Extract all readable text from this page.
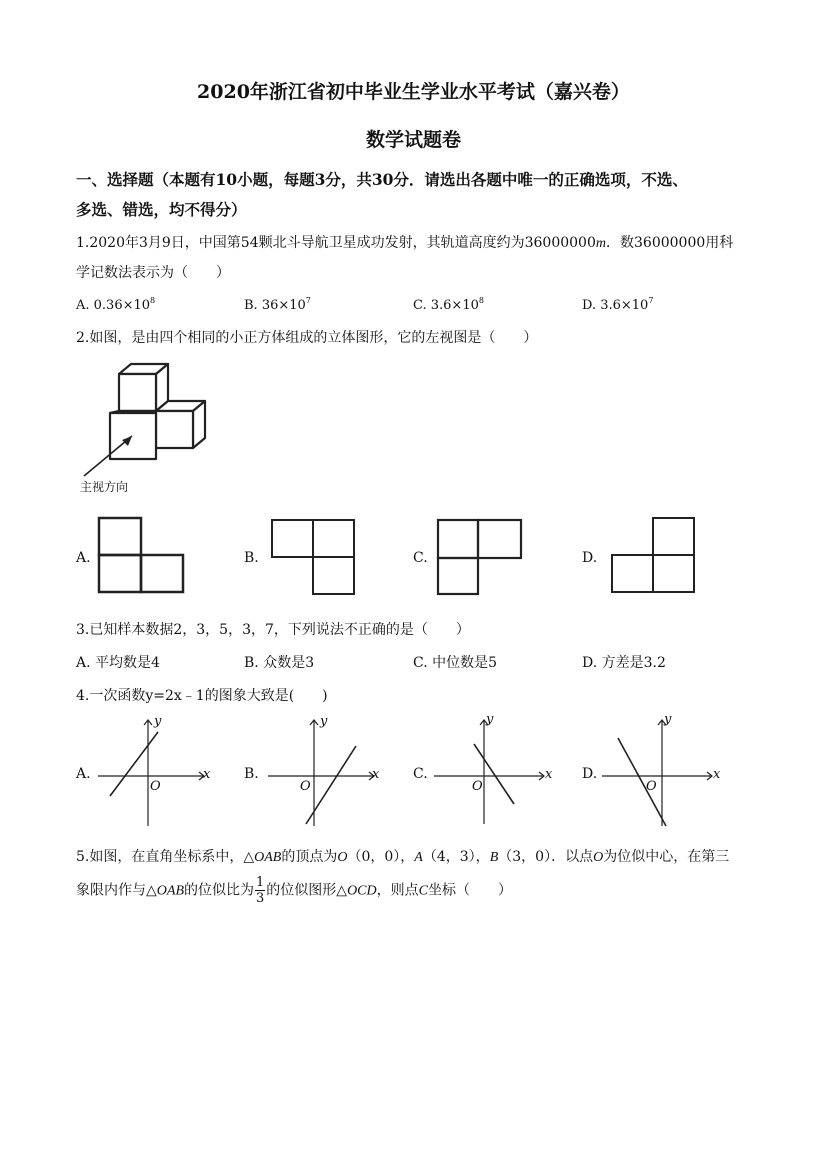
2020年浙江省初中毕业生学业水平考试（嘉兴卷）
数学试题卷
一、选择题（本题有10小题，每题3分，共30分．请选出各题中唯一的正确选项，不选、
多选、错选，均不得分）
1.2020年3月9日，中国第54颗北斗导航卫星成功发射，其轨道高度约为36000000m．数36000000用科
学记数法表示为（　　）
A. $0.36\times 10^8$	B. $36\times 10^7$	C. $3.6\times 10^8$	D. $3.6\times 10^7$
2.如图，是由四个相同的小正方体组成的立体图形，它的左视图是（　　）
主视方向
A.	B.	C.	D.
3.已知样本数据2，3，5，3，7，下列说法不正确的是（　　）
A. 平均数是4	B. 众数是3	C. 中位数是5	D. 方差是3.2
4.一次函数y=2x﹣1的图象大致是(　　)
A.	x
y
O
B.	x
y
O
C.	x
y
O
D.	x
y
O
5.如图，在直角坐标系中，△OAB的顶点为O（0，0），A（4，3），B（3，0）．以点O为位似中心，在第三
象限内作与△OAB的位似比为 $\frac{1}{3}$ 的位似图形△OCD，则点C坐标（　　）
